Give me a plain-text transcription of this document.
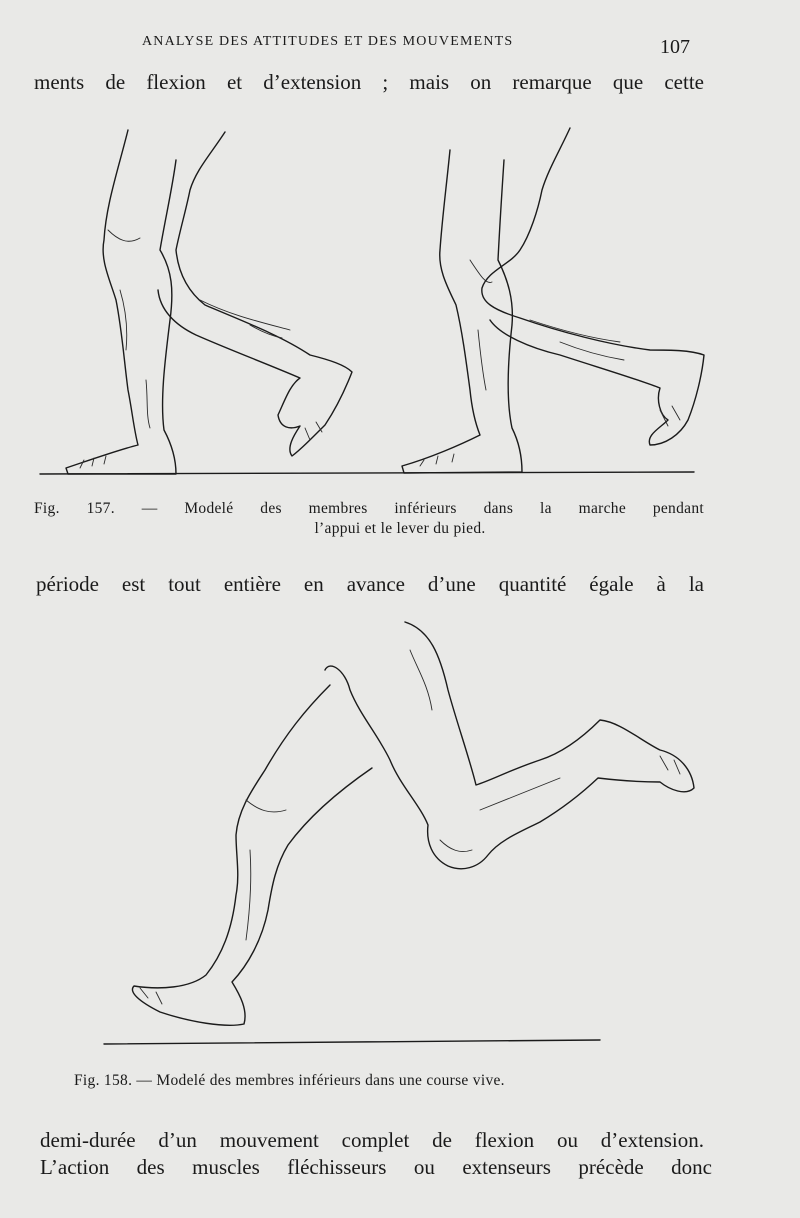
ANALYSE DES ATTITUDES ET DES MOUVEMENTS	107
ments de flexion et d’extension ; mais on remarque que cette
Fig. 157. — Modelé des membres inférieurs dans la marche pendant
l’appui et le lever du pied.
période est tout entière en avance d’une quantité égale à la
Fig. 158. — Modelé des membres inférieurs dans une course vive.
demi-durée d’un mouvement complet de flexion ou d’extension.
L’action des muscles fléchisseurs ou extenseurs précède donc
